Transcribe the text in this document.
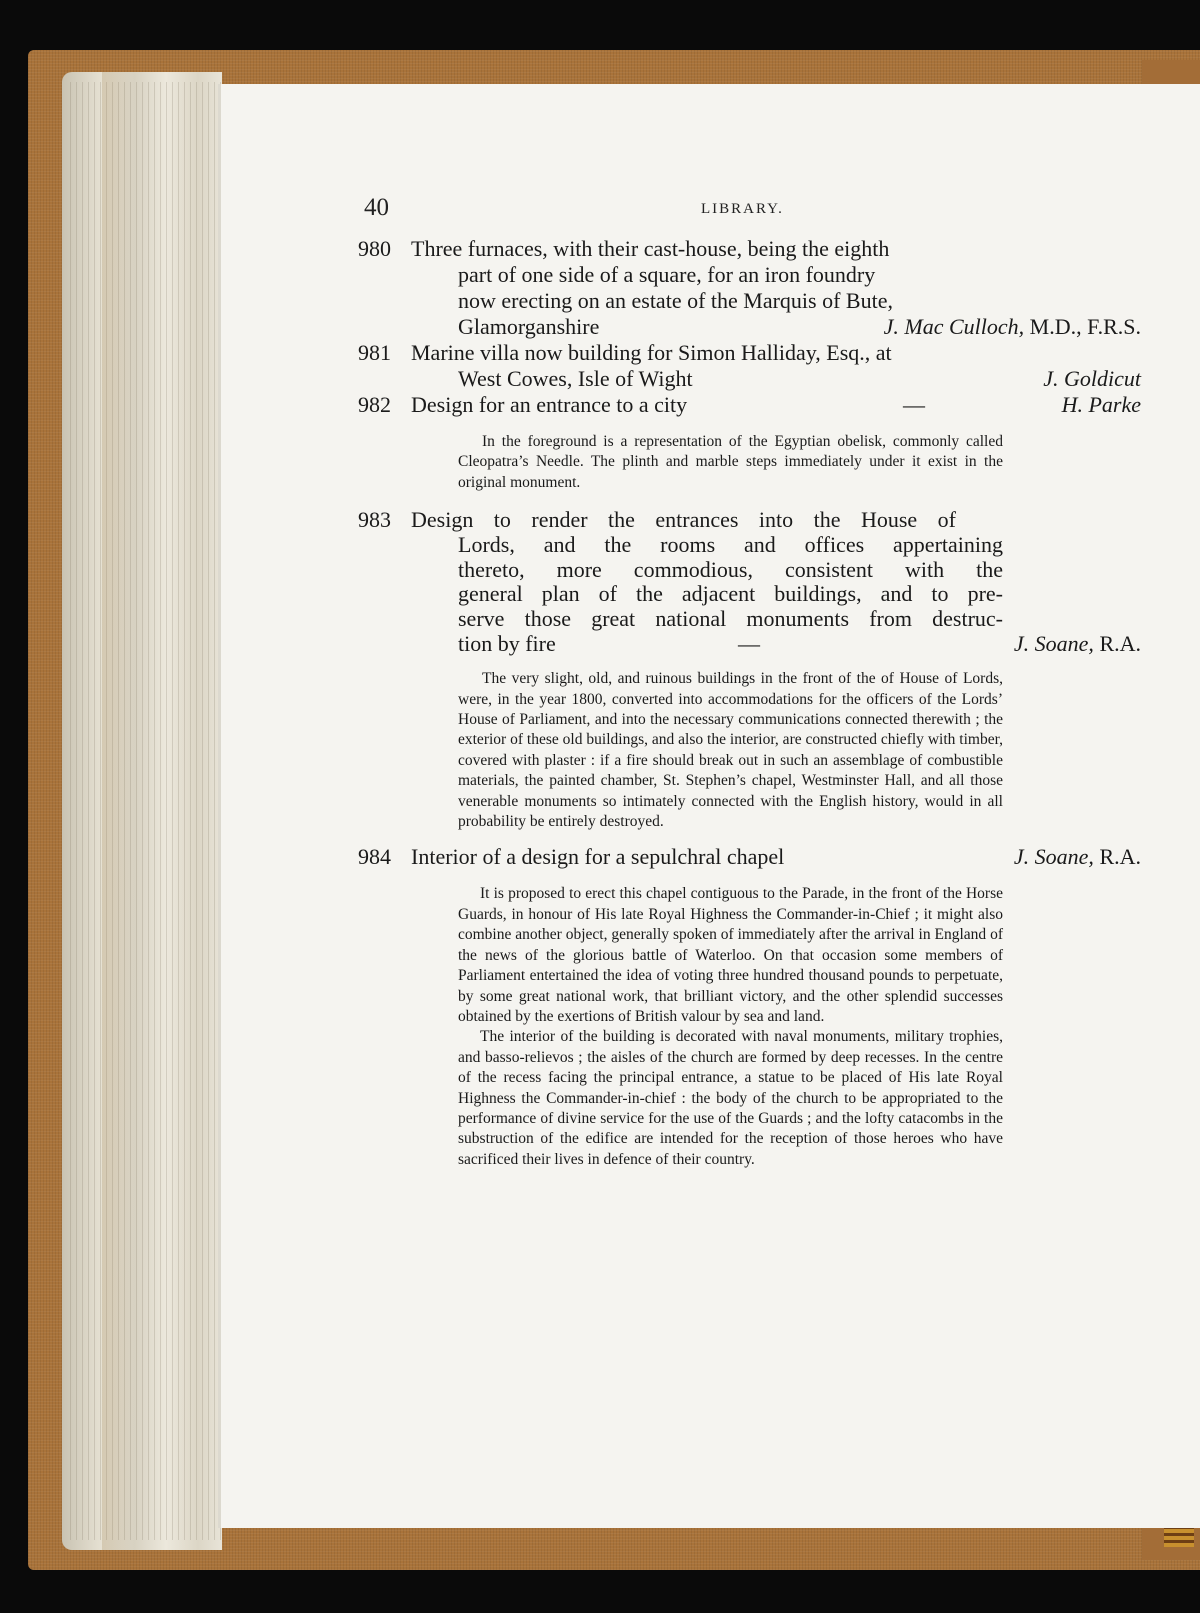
40	LIBRARY.
980 Three furnaces, with their cast-house, being the eighth
part of one side of a square, for an iron foundry
now erecting on an estate of the Marquis of Bute,
Glamorganshire	J. Mac Culloch, M.D., F.R.S.
981 Marine villa now building for Simon Halliday, Esq., at
West Cowes, Isle of Wight	J. Goldicut
982 Design for an entrance to a city	—	H. Parke
In the foreground is a representation of the Egyptian obelisk, commonly called Cleopatra’s Needle. The plinth and marble steps immediately under it exist in the original monument.
983 Design to render the entrances into the House of
Lords, and the rooms and offices appertaining
thereto, more commodious, consistent with the
general plan of the adjacent buildings, and to pre-
serve those great national monuments from destruc-
tion by fire	—	J. Soane, R.A.
The very slight, old, and ruinous buildings in the front of the of House of Lords, were, in the year 1800, converted into accommodations for the officers of the Lords’ House of Parliament, and into the necessary communications connected therewith ; the exterior of these old buildings, and also the interior, are constructed chiefly with timber, covered with plaster : if a fire should break out in such an assemblage of combustible materials, the painted chamber, St. Stephen’s chapel, Westminster Hall, and all those venerable monuments so intimately connected with the English history, would in all probability be entirely destroyed.
984 Interior of a design for a sepulchral chapel	J. Soane, R.A.

It is proposed to erect this chapel contiguous to the Parade, in the front of the Horse Guards, in honour of His late Royal Highness the Commander-in-Chief ; it might also combine another object, generally spoken of immediately after the arrival in England of the news of the glorious battle of Waterloo. On that occasion some members of Parliament entertained the idea of voting three hundred thousand pounds to perpetuate, by some great national work, that brilliant victory, and the other splendid successes obtained by the exertions of British valour by sea and land.

The interior of the building is decorated with naval monuments, military trophies, and basso-relievos ; the aisles of the church are formed by deep recesses. In the centre of the recess facing the principal entrance, a statue to be placed of His late Royal Highness the Commander-in-chief : the body of the church to be appropriated to the performance of divine service for the use of the Guards ; and the lofty catacombs in the substruction of the edifice are intended for the reception of those heroes who have sacrificed their lives in defence of their country.
